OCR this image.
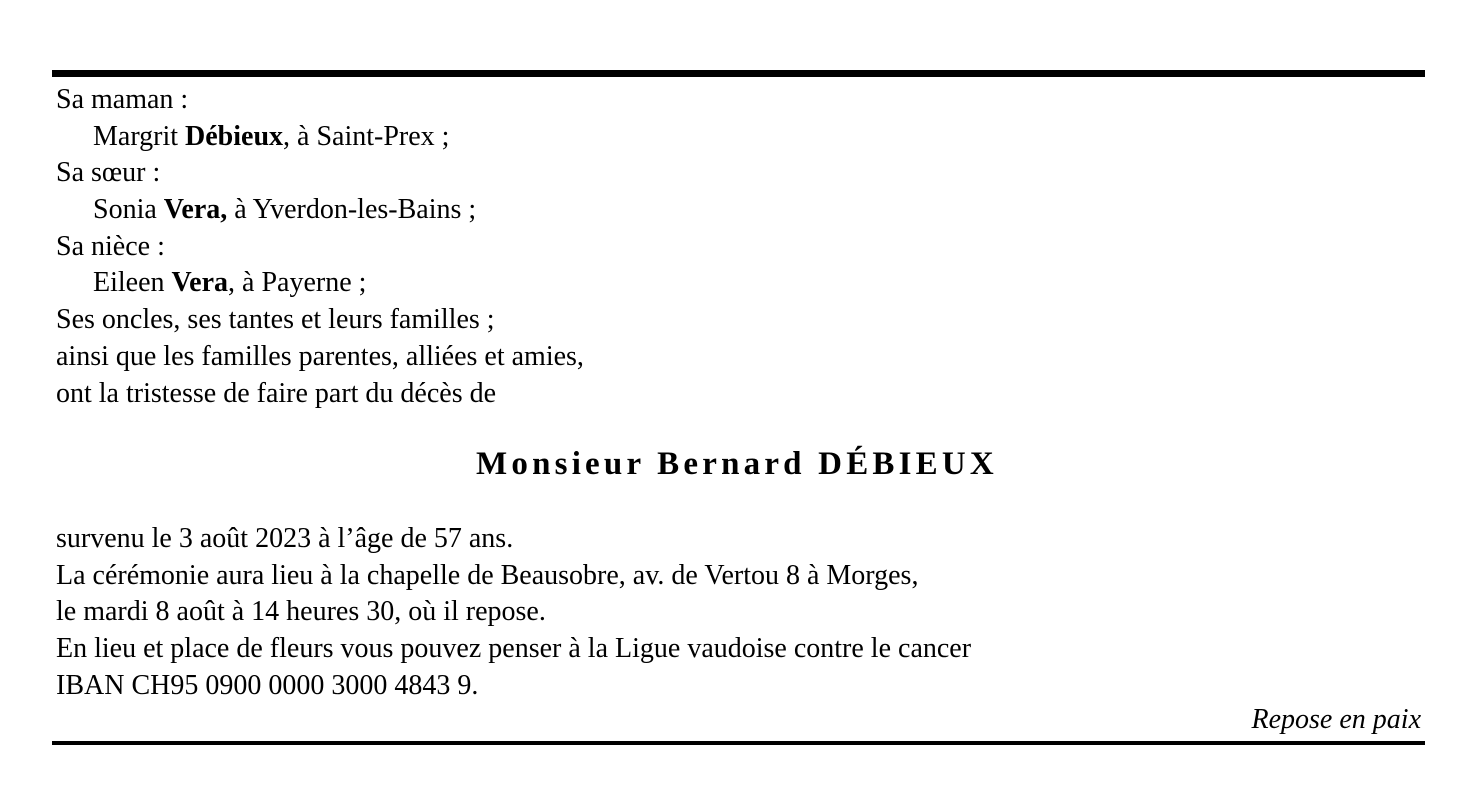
Sa maman :
Margrit Débieux, à Saint-Prex ;
Sa sœur :
Sonia Vera, à Yverdon-les-Bains ;
Sa nièce :
Eileen Vera, à Payerne ;
Ses oncles, ses tantes et leurs familles ;
ainsi que les familles parentes, alliées et amies,
ont la tristesse de faire part du décès de
Monsieur Bernard DÉBIEUX
survenu le 3 août 2023 à l’âge de 57 ans.
La cérémonie aura lieu à la chapelle de Beausobre, av. de Vertou 8 à Morges,
le mardi 8 août à 14 heures 30, où il repose.
En lieu et place de fleurs vous pouvez penser à la Ligue vaudoise contre le cancer
IBAN CH95 0900 0000 3000 4843 9.
Repose en paix
